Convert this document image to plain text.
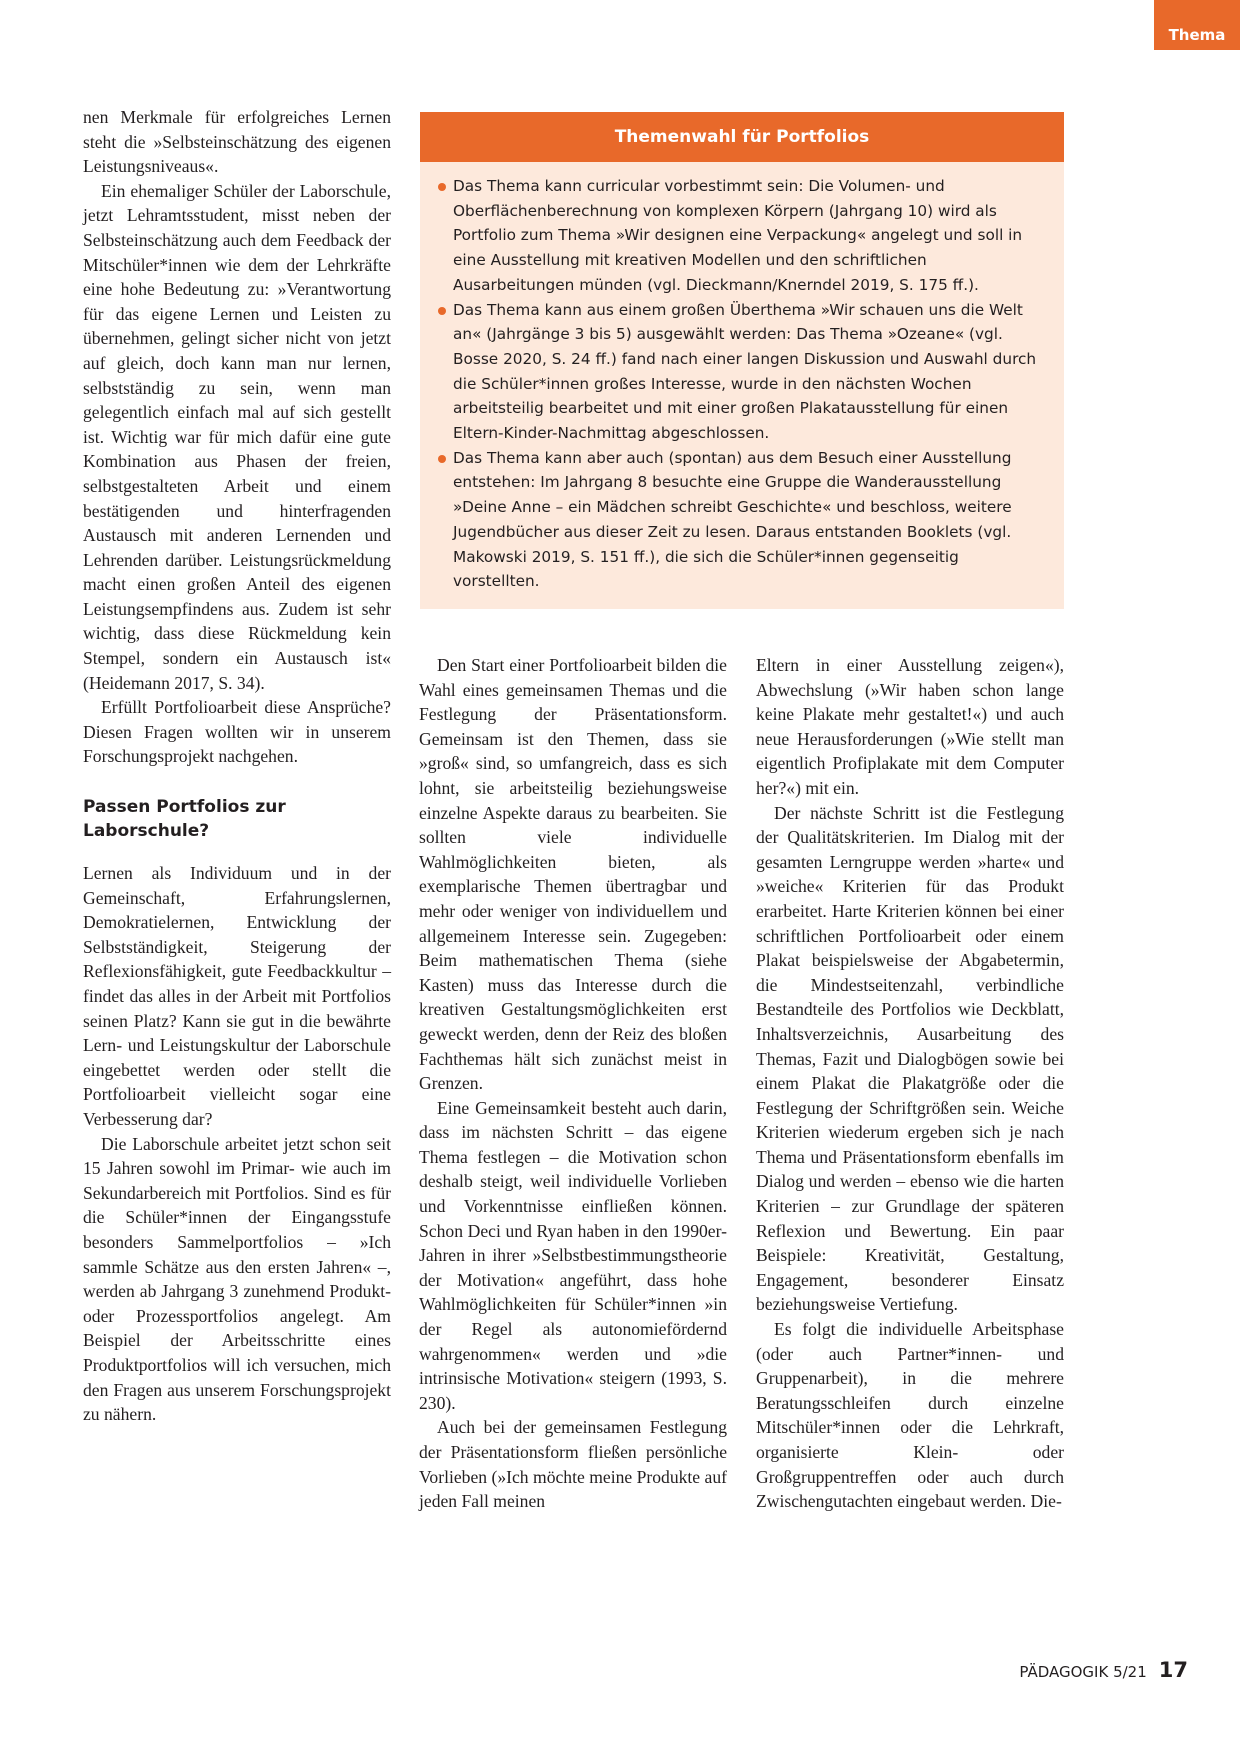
Thema

nen Merkmale für erfolgreiches Lernen steht die »Selbsteinschätzung des eigenen Leistungsniveaus«.

Ein ehemaliger Schüler der Laborschule, jetzt Lehramtsstudent, misst neben der Selbsteinschätzung auch dem Feedback der Mitschüler*innen wie dem der Lehrkräfte eine hohe Bedeutung zu: »Verantwortung für das eigene Lernen und Leisten zu übernehmen, gelingt sicher nicht von jetzt auf gleich, doch kann man nur lernen, selbstständig zu sein, wenn man gelegentlich einfach mal auf sich gestellt ist. Wichtig war für mich dafür eine gute Kombination aus Phasen der freien, selbstgestalteten Arbeit und einem bestätigenden und hinterfragenden Austausch mit anderen Lernenden und Lehrenden darüber. Leistungsrückmeldung macht einen großen Anteil des eigenen Leistungsempfindens aus. Zudem ist sehr wichtig, dass diese Rückmeldung kein Stempel, sondern ein Austausch ist« (Heidemann 2017, S. 34).

Erfüllt Portfolioarbeit diese Ansprüche? Diesen Fragen wollten wir in unserem Forschungsprojekt nachgehen.

Passen Portfolios zur Laborschule?

Lernen als Individuum und in der Gemeinschaft, Erfahrungslernen, Demokratielernen, Entwicklung der Selbstständigkeit, Steigerung der Reflexionsfähigkeit, gute Feedbackkultur – findet das alles in der Arbeit mit Portfolios seinen Platz? Kann sie gut in die bewährte Lern- und Leistungskultur der Laborschule eingebettet werden oder stellt die Portfolioarbeit vielleicht sogar eine Verbesserung dar?

Die Laborschule arbeitet jetzt schon seit 15 Jahren sowohl im Primar- wie auch im Sekundarbereich mit Portfolios. Sind es für die Schüler*innen der Eingangsstufe besonders Sammelportfolios – »Ich sammle Schätze aus den ersten Jahren« –, werden ab Jahrgang 3 zunehmend Produkt- oder Prozessportfolios angelegt. Am Beispiel der Arbeitsschritte eines Produktportfolios will ich versuchen, mich den Fragen aus unserem Forschungsprojekt zu nähern.

Themenwahl für Portfolios
Das Thema kann curricular vorbestimmt sein: Die Volumen- und Oberflächenberechnung von komplexen Körpern (Jahrgang 10) wird als Portfolio zum Thema »Wir designen eine Verpackung« angelegt und soll in eine Ausstellung mit kreativen Modellen und den schriftlichen Ausarbeitungen münden (vgl. Dieckmann/Knerndel 2019, S. 175 ff.).
Das Thema kann aus einem großen Überthema »Wir schauen uns die Welt an« (Jahrgänge 3 bis 5) ausgewählt werden: Das Thema »Ozeane« (vgl. Bosse 2020, S. 24 ff.) fand nach einer langen Diskussion und Auswahl durch die Schüler*innen großes Interesse, wurde in den nächsten Wochen arbeitsteilig bearbeitet und mit einer großen Plakatausstellung für einen Eltern-Kinder-Nachmittag abgeschlossen.
Das Thema kann aber auch (spontan) aus dem Besuch einer Ausstellung entstehen: Im Jahrgang 8 besuchte eine Gruppe die Wanderausstellung »Deine Anne – ein Mädchen schreibt Geschichte« und beschloss, weitere Jugendbücher aus dieser Zeit zu lesen. Daraus entstanden Booklets (vgl. Makowski 2019, S. 151 ff.), die sich die Schüler*innen gegenseitig vorstellten.

Den Start einer Portfolioarbeit bilden die Wahl eines gemeinsamen Themas und die Festlegung der Präsentationsform. Gemeinsam ist den Themen, dass sie »groß« sind, so umfangreich, dass es sich lohnt, sie arbeitsteilig beziehungsweise einzelne Aspekte daraus zu bearbeiten. Sie sollten viele individuelle Wahlmöglichkeiten bieten, als exemplarische Themen übertragbar und mehr oder weniger von individuellem und allgemeinem Interesse sein. Zugegeben: Beim mathematischen Thema (siehe Kasten) muss das Interesse durch die kreativen Gestaltungsmöglichkeiten erst geweckt werden, denn der Reiz des bloßen Fachthemas hält sich zunächst meist in Grenzen.

Eine Gemeinsamkeit besteht auch darin, dass im nächsten Schritt – das eigene Thema festlegen – die Motivation schon deshalb steigt, weil individuelle Vorlieben und Vorkenntnisse einfließen können. Schon Deci und Ryan haben in den 1990er-Jahren in ihrer »Selbstbestimmungstheorie der Motivation« angeführt, dass hohe Wahlmöglichkeiten für Schüler*innen »in der Regel als autonomiefördernd wahrgenommen« werden und »die intrinsische Motivation« steigern (1993, S. 230).

Auch bei der gemeinsamen Festlegung der Präsentationsform fließen persönliche Vorlieben (»Ich möchte meine Produkte auf jeden Fall meinen

Eltern in einer Ausstellung zeigen«), Abwechslung (»Wir haben schon lange keine Plakate mehr gestaltet!«) und auch neue Herausforderungen (»Wie stellt man eigentlich Profiplakate mit dem Computer her?«) mit ein.

Der nächste Schritt ist die Festlegung der Qualitätskriterien. Im Dialog mit der gesamten Lerngruppe werden »harte« und »weiche« Kriterien für das Produkt erarbeitet. Harte Kriterien können bei einer schriftlichen Portfolioarbeit oder einem Plakat beispielsweise der Abgabetermin, die Mindestseitenzahl, verbindliche Bestandteile des Portfolios wie Deckblatt, Inhaltsverzeichnis, Ausarbeitung des Themas, Fazit und Dialogbögen sowie bei einem Plakat die Plakatgröße oder die Festlegung der Schriftgrößen sein. Weiche Kriterien wiederum ergeben sich je nach Thema und Präsentationsform ebenfalls im Dialog und werden – ebenso wie die harten Kriterien – zur Grundlage der späteren Reflexion und Bewertung. Ein paar Beispiele: Kreativität, Gestaltung, Engagement, besonderer Einsatz beziehungsweise Vertiefung.

Es folgt die individuelle Arbeitsphase (oder auch Partner*innen- und Gruppenarbeit), in die mehrere Beratungsschleifen durch einzelne Mitschüler*innen oder die Lehrkraft, organisierte Klein- oder Großgruppentreffen oder auch durch Zwischengutachten eingebaut werden. Die-

PÄDAGOGIK 5/21 17
